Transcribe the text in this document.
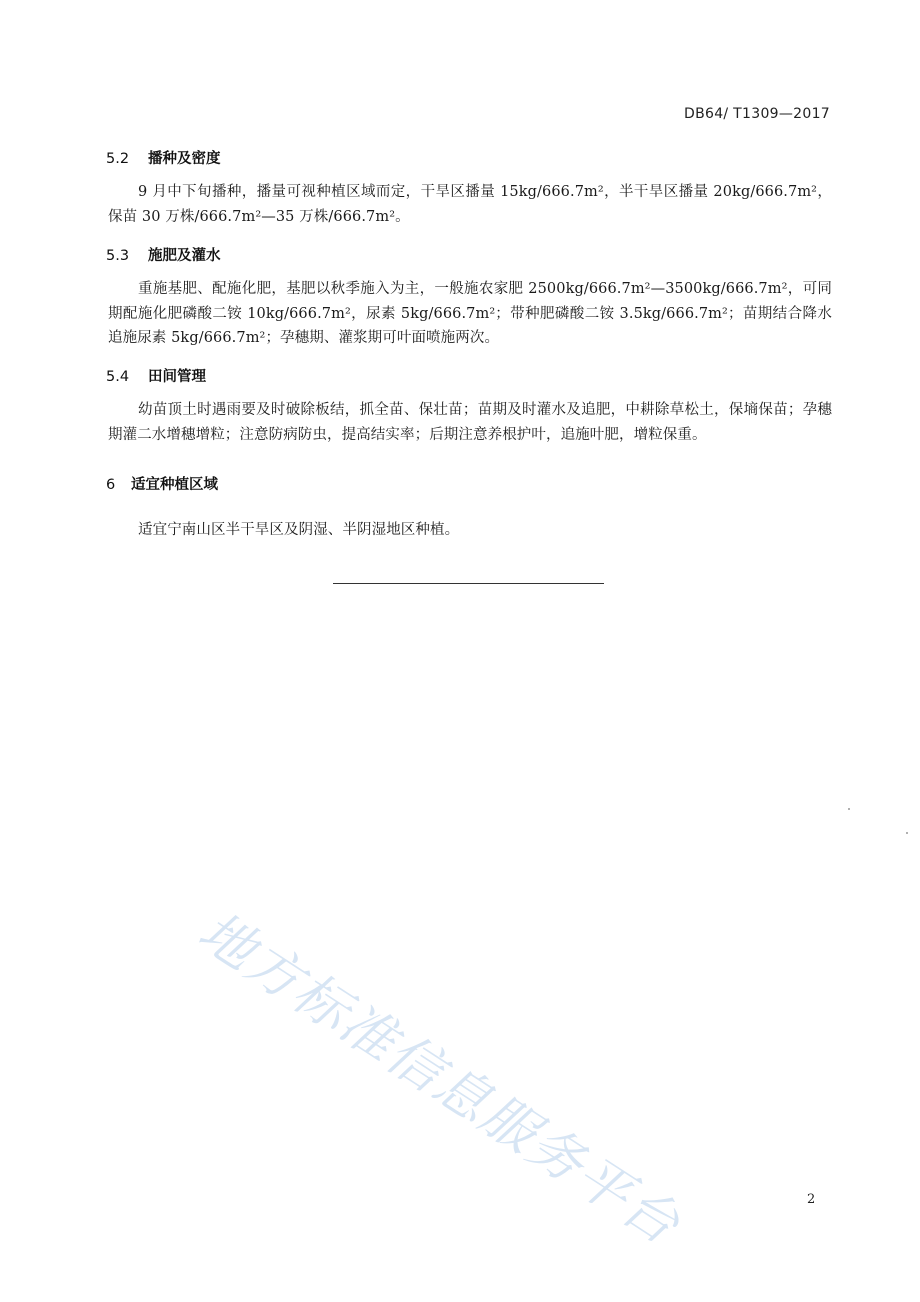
DB64/ T1309—2017
5.2 播种及密度
9 月中下旬播种，播量可视种植区域而定，干旱区播量 15kg/666.7m²，半干旱区播量 20kg/666.7m²，保苗 30 万株/666.7m²—35 万株/666.7m²。
5.3 施肥及灌水
重施基肥、配施化肥，基肥以秋季施入为主，一般施农家肥 2500kg/666.7m²—3500kg/666.7m²，可同期配施化肥磷酸二铵 10kg/666.7m²，尿素 5kg/666.7m²；带种肥磷酸二铵 3.5kg/666.7m²；苗期结合降水追施尿素 5kg/666.7m²；孕穗期、灌浆期可叶面喷施两次。
5.4 田间管理
幼苗顶土时遇雨要及时破除板结，抓全苗、保壮苗；苗期及时灌水及追肥，中耕除草松土，保墒保苗；孕穗期灌二水增穗增粒；注意防病防虫，提高结实率；后期注意养根护叶，追施叶肥，增粒保重。
6 适宜种植区域
适宜宁南山区半干旱区及阴湿、半阴湿地区种植。
地方标准信息服务平台	2
